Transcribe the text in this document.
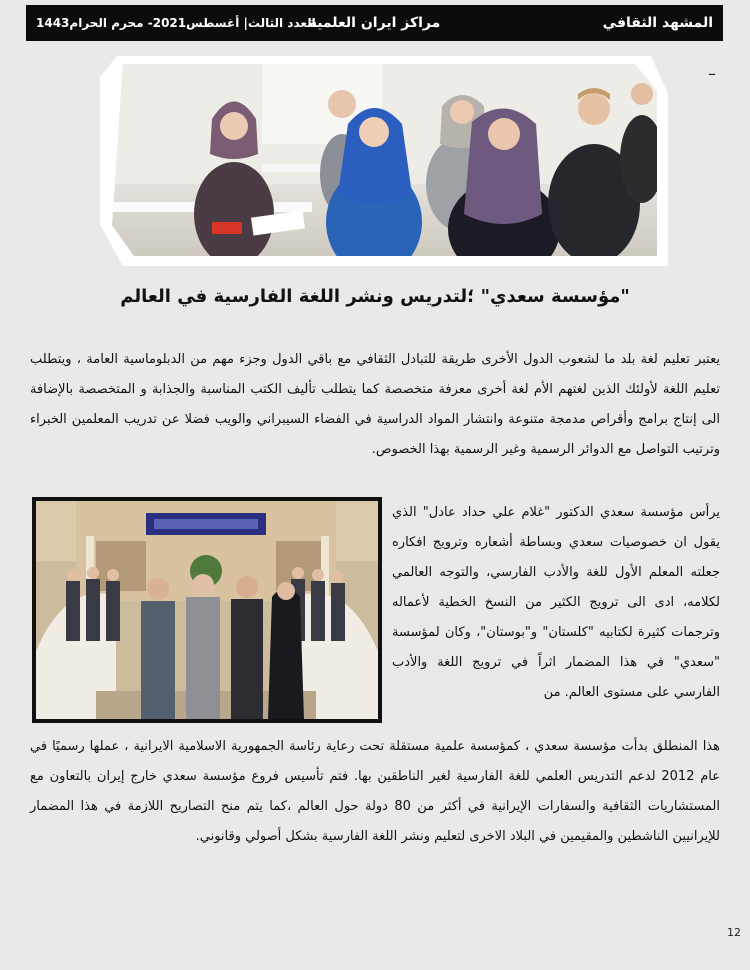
المشهد الثقافي
مراكز ايران العلمية
العدد الثالث| أغسطس2021- محرم الحرام1443
–
"مؤسسة سعدي" ؛لتدريس ونشر اللغة الفارسية في العالم
يعتبر تعليم لغة بلد ما لشعوب الدول الأخرى طريقة للتبادل الثقافي مع باقي الدول وجزء مهم من الدبلوماسية العامة ، ويتطلب تعليم اللغة لأولئك الذين لغتهم الأم لغة أخرى معرفة متخصصة كما يتطلب تأليف الكتب المناسبة والجذابة و المتخصصة بالإضافة الى إنتاج برامج وأقراص مدمجة متنوعة وانتشار المواد الدراسية في الفضاء السيبراني والويب فضلا عن تدريب المعلمين الخبراء وترتيب التواصل مع الدوائر الرسمية وغير الرسمية بهذا الخصوص.
يرأس مؤسسة سعدي الدكتور "غلام علي حداد عادل" الذي يقول ان خصوصيات سعدي وبساطة أشعاره وترويج افكاره جعلته المعلم الأول للغة والأدب الفارسي، والتوجه العالمي لكلامه، ادى الى ترويج الكثير من النسخ الخطية لأعماله وترجمات كثيرة لكتابيه "كلستان" و"بوستان"، وكان لمؤسسة "سعدي" في هذا المضمار اثراً في ترويج اللغة والأدب الفارسي على مستوى العالم. من
هذا المنطلق بدأت مؤسسة سعدي ، كمؤسسة علمية مستقلة تحت رعاية رئاسة الجمهورية الاسلامية الايرانية ، عملها رسميًا في عام 2012 لدعم التدريس العلمي للغة الفارسية لغير الناطقين بها. فتم تأسيس فروع مؤسسة سعدي خارج إيران بالتعاون مع المستشاريات الثقافية والسفارات الإيرانية في أكثر من 80 دولة حول العالم ،كما يتم منح التصاريح اللازمة في هذا المضمار للإيرانيين الناشطين والمقيمين في البلاد الاخرى لتعليم ونشر اللغة الفارسية بشكل أصولي وقانوني.
12
